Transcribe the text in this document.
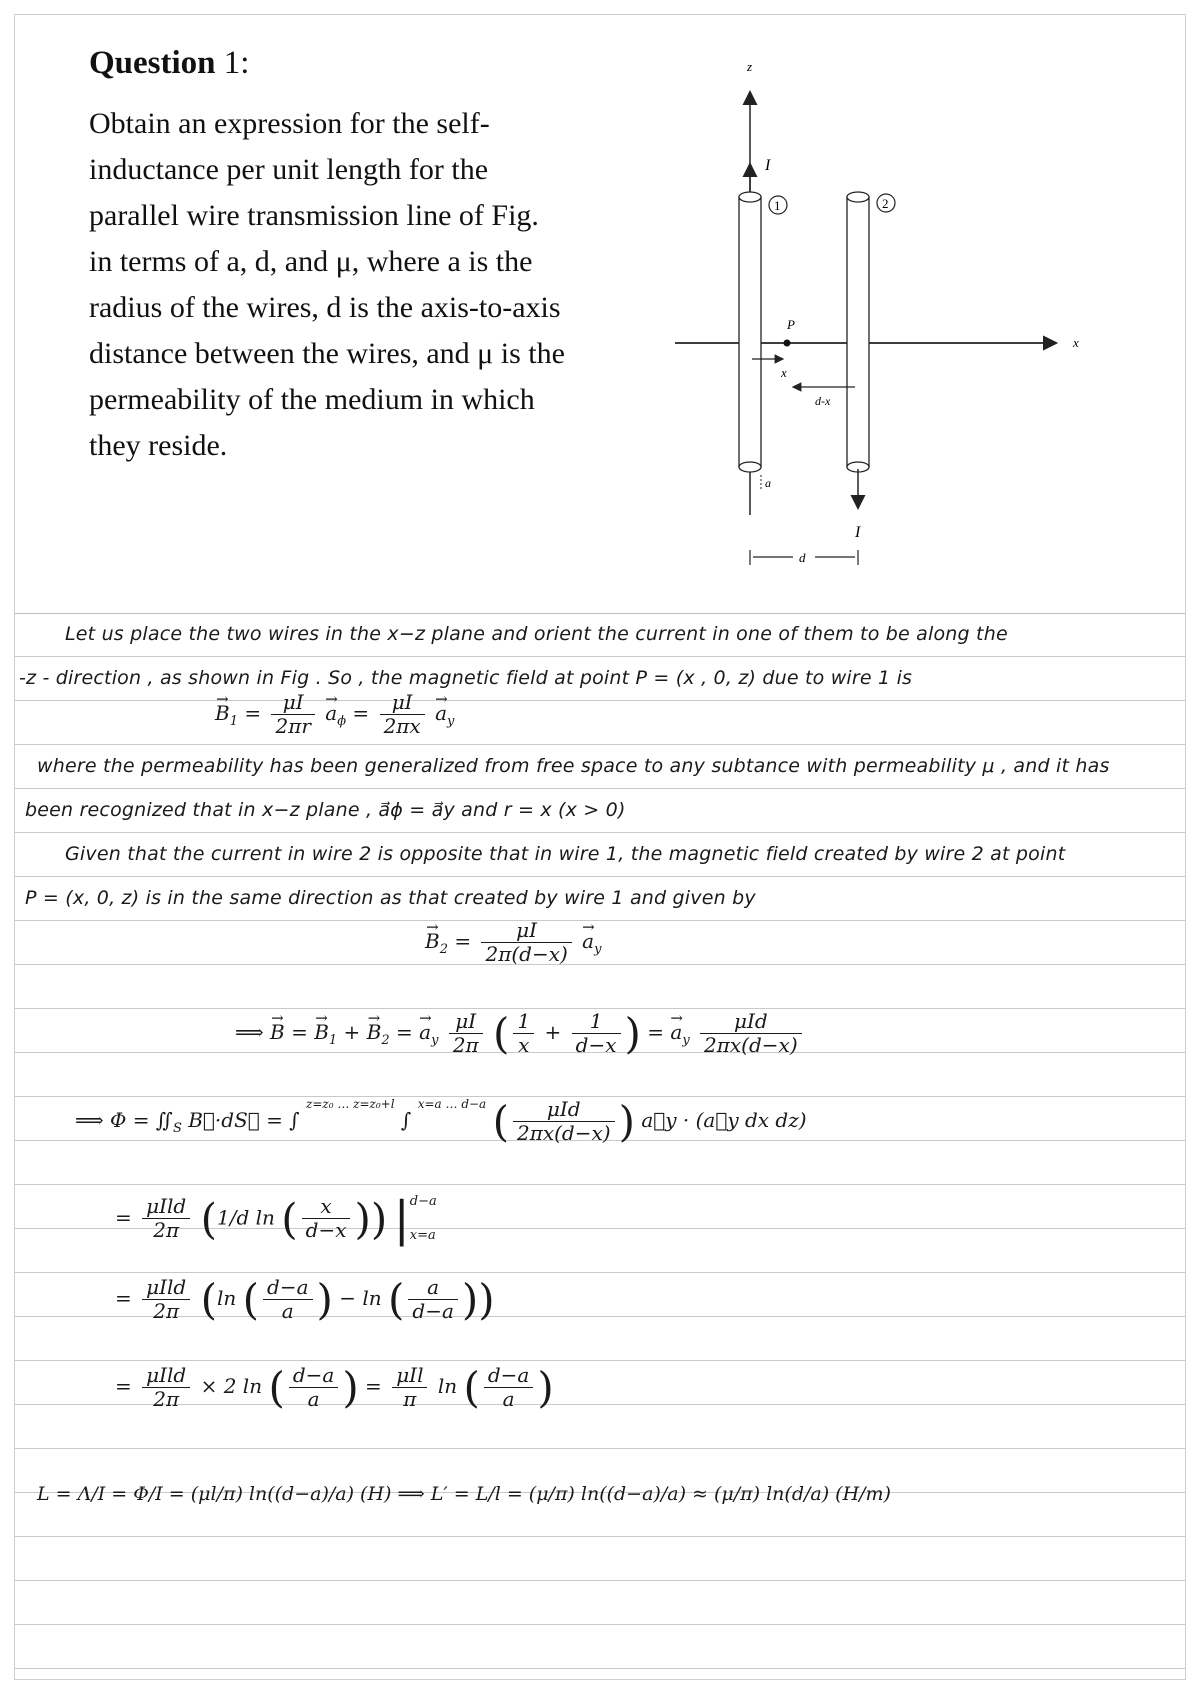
Question 1:

Obtain an expression for the self-

inductance per unit length for the

parallel wire transmission line of Fig.

in terms of a, d, and μ, where a is the

radius of the wires, d is the axis-to-axis

distance between the wires, and μ is the

permeability of the medium in which

they reside.

z
x
I
1	2
I
P
x
d-x
a
d
Let us place the two wires in the x−z plane and orient the current in one of them to be along the
-z - direction , as shown in Fig . So , the magnetic field at point P = (x , 0, z) due to wire 1 is
→ $B_1 = \frac{\mu I}{2\pi r}$
→ $a_\phi = \frac{\mu I}{2\pi x}$
→ $a_y$
where the permeability has been generalized from free space to any subtance with permeability μ , and it has
been recognized that in x−z plane , a⃗ϕ = a⃗y and r = x (x > 0)
Given that the current in wire 2 is opposite that in wire 1, the magnetic field created by wire 2 at point
P = (x, 0, z) is in the same direction as that created by wire 1 and given by
→ $B_2 = \frac{\mu I}{2\pi(d-x)}$
→ $a_y$
⟹ → B = → $B_1$ + → $B_2$ = → $a_y \frac{\mu I}{2\pi}$ ( $\frac{1}{x} + \frac{1}{d-x}$ ) = → $a_y \frac{\text{μId}}{2\pi x(d-x)}$
⟹ $\Phi = ∬_S$ B⃗·dS⃗ = ∫ $^{z=z_0 \dots z=z_0+l}$ ∫ $^{x=a \dots d-a}$ ( $\frac{\text{μId}}{2\pi x(d-x)}$ ) a⃗y · (a⃗y dx dz)
= $\frac{\text{μIld}}{2\pi} (1/d$ ln ( $\frac{x}{d-x}$ )) | d−a
x=a
= $\frac{\text{μIld}}{2\pi} (\ln$ ( $\frac{d-a}{a}$ ) − ln ( $\frac{a}{d-a}$ ))
= $\frac{\text{μIld}}{2\pi} \times 2$ ln ( $\frac{d-a}{a}$ ) = $\frac{\text{μIl}}{\pi}$ ln ( $\frac{d-a}{a}$ )
L = Λ/I = Φ/I = (μl/π) ln((d−a)/a) (H) ⟹ L′ = L/l = (μ/π) ln((d−a)/a) ≈ (μ/π) ln(d/a) (H/m)
